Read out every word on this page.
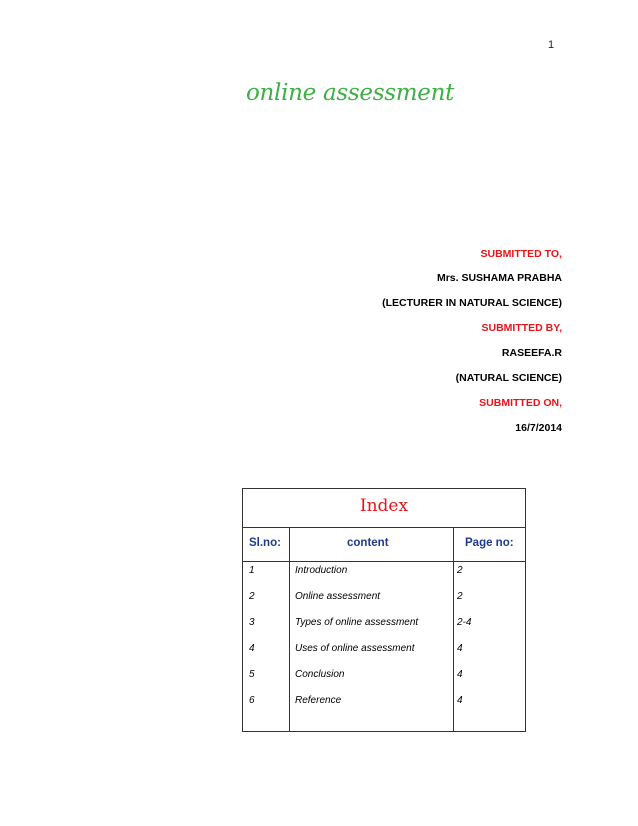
1
online assessment
SUBMITTED TO,
Mrs. SUSHAMA PRABHA
(LECTURER IN NATURAL SCIENCE)
SUBMITTED BY,
RASEEFA.R
(NATURAL SCIENCE)
SUBMITTED ON,
16/7/2014
Index
Sl.no:	content	Page no:
1	Introduction	2
2	Online assessment	2
3	Types of online assessment	2-4
4	Uses of online assessment	4
5	Conclusion	4
6	Reference	4
